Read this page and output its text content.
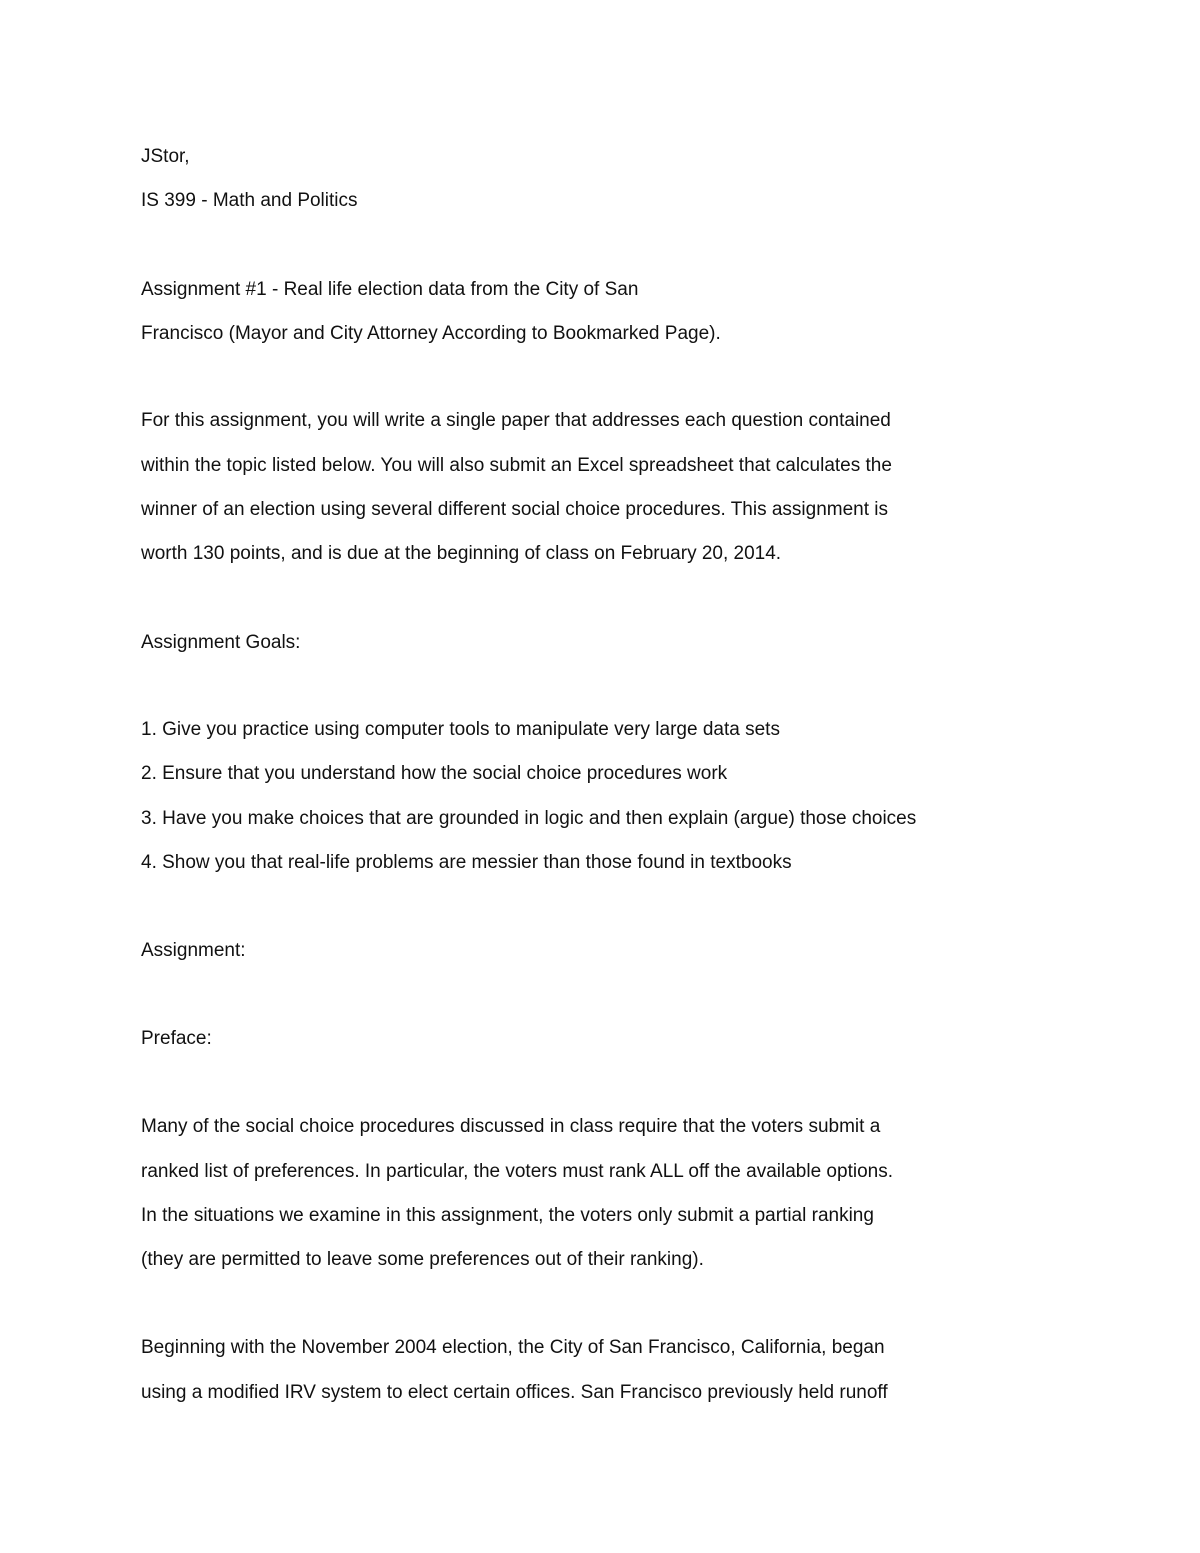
JStor,
IS 399 - Math and Politics
Assignment #1 - Real life election data from the City of San
Francisco (Mayor and City Attorney According to Bookmarked Page).
For this assignment, you will write a single paper that addresses each question contained
within the topic listed below. You will also submit an Excel spreadsheet that calculates the
winner of an election using several different social choice procedures. This assignment is
worth 130 points, and is due at the beginning of class on February 20, 2014.
Assignment Goals:
1. Give you practice using computer tools to manipulate very large data sets
2. Ensure that you understand how the social choice procedures work
3. Have you make choices that are grounded in logic and then explain (argue) those choices
4. Show you that real-life problems are messier than those found in textbooks
Assignment:
Preface:
Many of the social choice procedures discussed in class require that the voters submit a
ranked list of preferences. In particular, the voters must rank ALL off the available options.
In the situations we examine in this assignment, the voters only submit a partial ranking
(they are permitted to leave some preferences out of their ranking).
Beginning with the November 2004 election, the City of San Francisco, California, began
using a modified IRV system to elect certain offices. San Francisco previously held runoff
